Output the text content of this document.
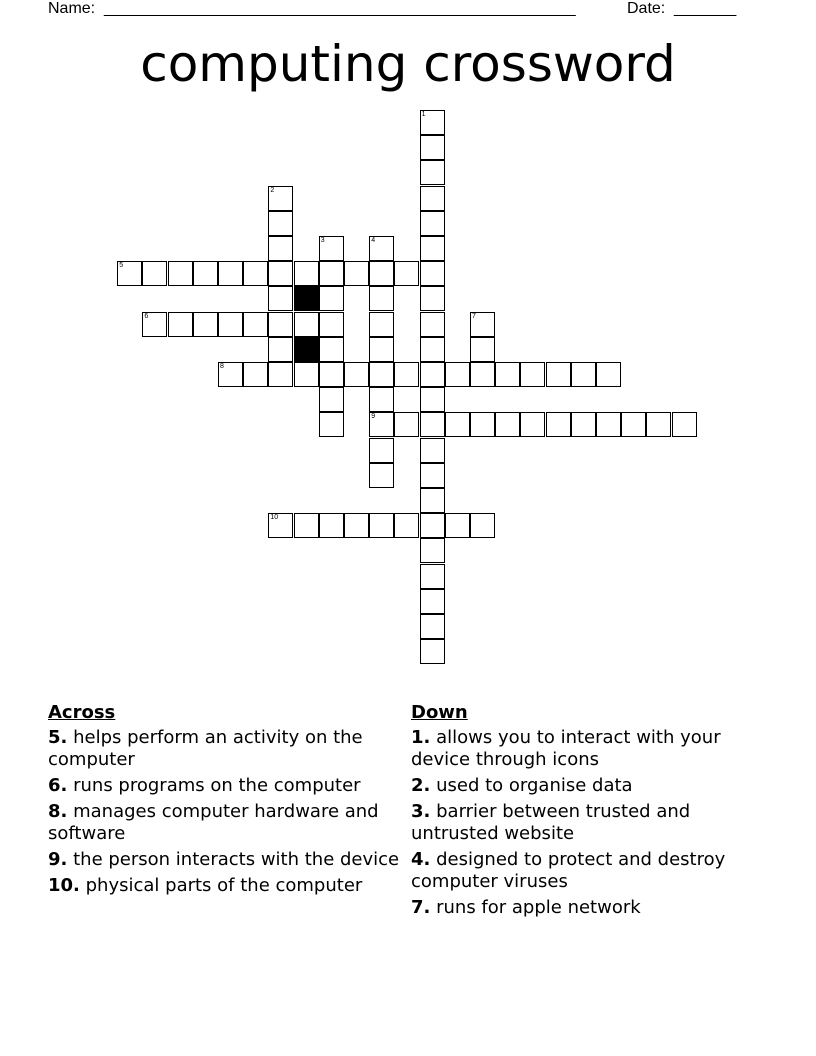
Name: _____________________________________________________	Date: _______
computing crossword
1
2
3	4
9
5
6	7
8
10
Across
5. helps perform an activity on the computer
6. runs programs on the computer
8. manages computer hardware and software
9. the person interacts with the device
10. physical parts of the computer
Down
1. allows you to interact with your device through icons
2. used to organise data
3. barrier between trusted and untrusted website
4. designed to protect and destroy computer viruses
7. runs for apple network
